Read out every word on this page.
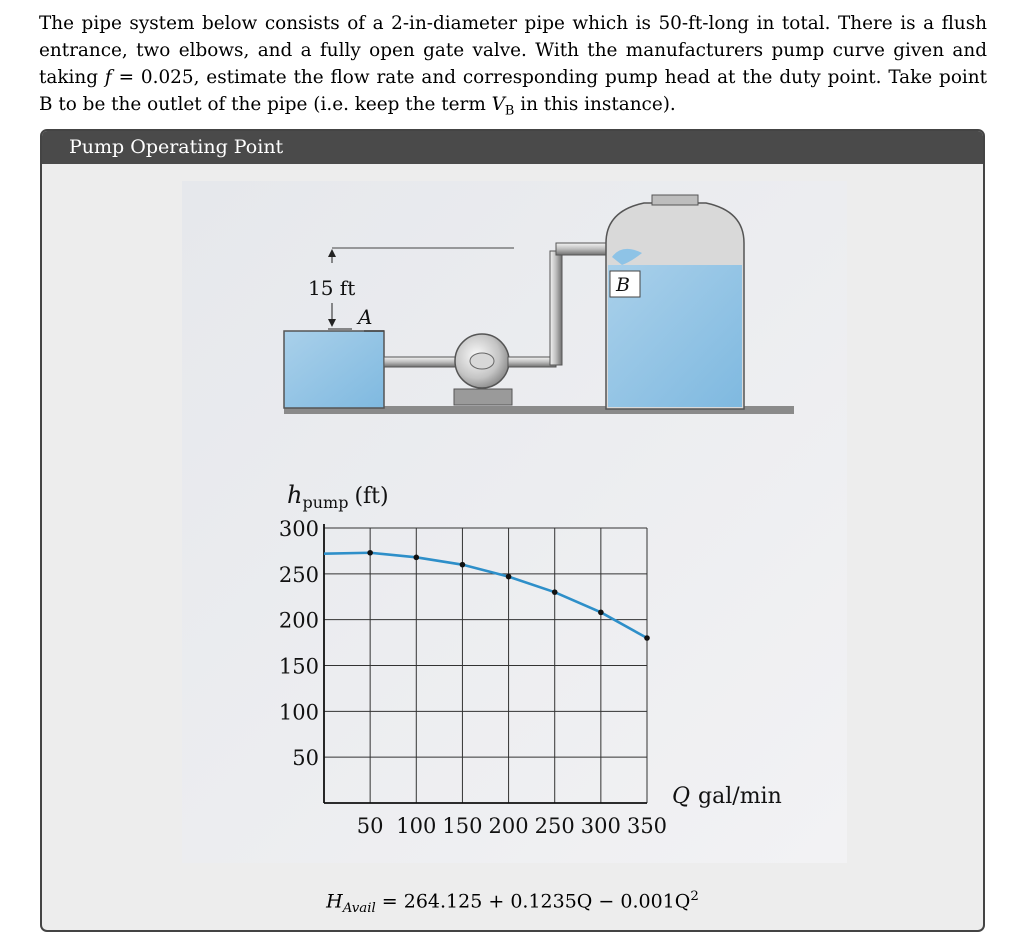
The pipe system below consists of a 2-in-diameter pipe which is 50-ft-long in total. There is a flush entrance, two elbows, and a fully open gate valve. With the manufacturers pump curve given and taking f = 0.025, estimate the flow rate and corresponding pump head at the duty point. Take point B to be the outlet of the pipe (i.e. keep the term $V_B$ in this instance).
Pump Operating Point
15 ft
A
B
$h_{pump}$ (ft)
50 100 150 200 250 300 350
50
100
150
200
250
300
Q gal/min
$H_{Avail} = 264.125 + 0.1235Q - 0.001Q^2$
